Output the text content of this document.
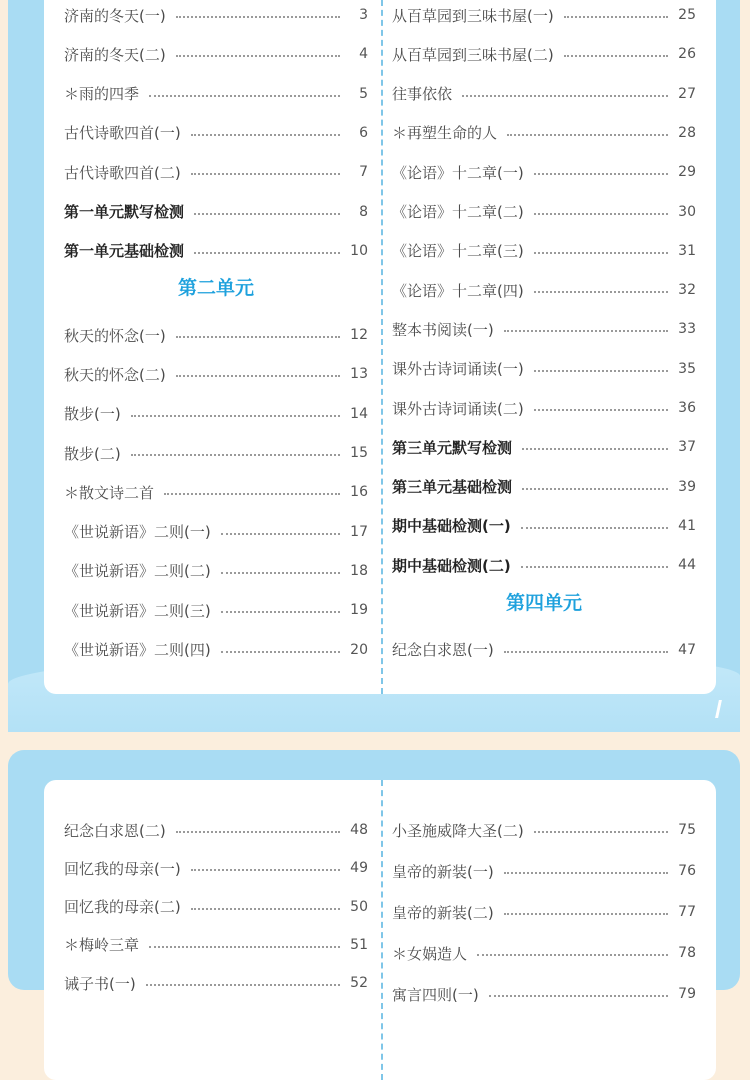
济南的冬天(一)	3
济南的冬天(二)	4
＊雨的四季	5
古代诗歌四首(一)	6
古代诗歌四首(二)	7
第一单元默写检测	8
第一单元基础检测	10
第二单元
秋天的怀念(一)	12
秋天的怀念(二)	13
散步(一)	14
散步(二)	15
＊散文诗二首	16
《世说新语》二则(一)	17
《世说新语》二则(二)	18
《世说新语》二则(三)	19
《世说新语》二则(四)	20
从百草园到三味书屋(一)	25
从百草园到三味书屋(二)	26
往事依依	27
＊再塑生命的人	28
《论语》十二章(一)	29
《论语》十二章(二)	30
《论语》十二章(三)	31
《论语》十二章(四)	32
整本书阅读(一)	33
课外古诗词诵读(一)	35
课外古诗词诵读(二)	36
第三单元默写检测	37
第三单元基础检测	39
期中基础检测(一)	41
期中基础检测(二)	44
第四单元
纪念白求恩(一)	47
纪念白求恩(二)	48
回忆我的母亲(一)	49
回忆我的母亲(二)	50
＊梅岭三章	51
诫子书(一)	52
小圣施威降大圣(二)	75
皇帝的新装(一)	76
皇帝的新装(二)	77
＊女娲造人	78
寓言四则(一)	79
